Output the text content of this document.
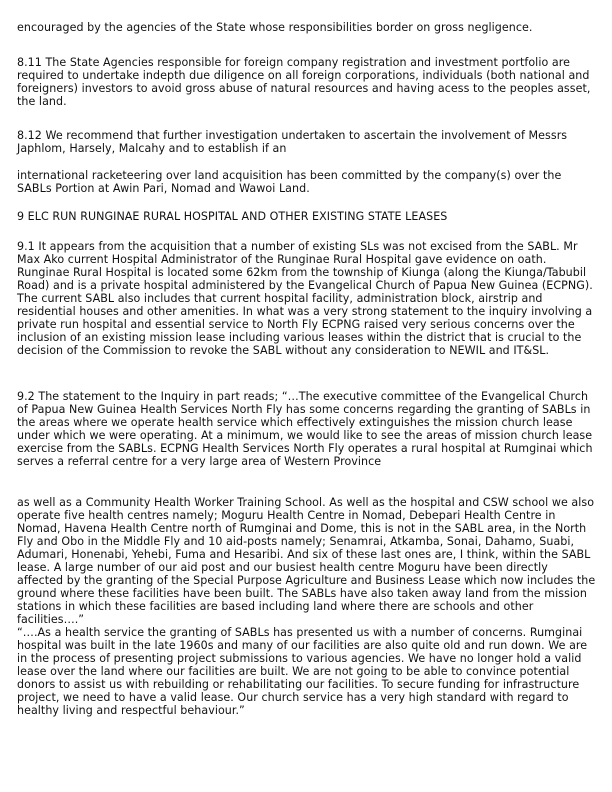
encouraged by the agencies of the State whose responsibilities border on gross negligence.

8.11 The State Agencies responsible for foreign company registration and investment portfolio are required to undertake indepth due diligence on all foreign corporations, individuals (both national and foreigners) investors to avoid gross abuse of natural resources and having acess to the peoples asset, the land.

8.12 We recommend that further investigation undertaken to ascertain the involvement of Messrs Japhlom, Harsely, Malcahy and to establish if an

international racketeering over land acquisition has been committed by the company(s) over the SABLs Portion at Awin Pari, Nomad and Wawoi Land.

9 ELC RUN RUNGINAE RURAL HOSPITAL AND OTHER EXISTING STATE LEASES

9.1 It appears from the acquisition that a number of existing SLs was not excised from the SABL. Mr Max Ako current Hospital Administrator of the Runginae Rural Hospital gave evidence on oath. Runginae Rural Hospital is located some 62km from the township of Kiunga (along the Kiunga/Tabubil Road) and is a private hospital administered by the Evangelical Church of Papua New Guinea (ECPNG). The current SABL also includes that current hospital facility, administration block, airstrip and residential houses and other amenities. In what was a very strong statement to the inquiry involving a private run hospital and essential service to North Fly ECPNG raised very serious concerns over the inclusion of an existing mission lease including various leases within the district that is crucial to the decision of the Commission to revoke the SABL without any consideration to NEWIL and IT&SL.

9.2 The statement to the Inquiry in part reads; “…The executive committee of the Evangelical Church of Papua New Guinea Health Services North Fly has some concerns regarding the granting of SABLs in the areas where we operate health service which effectively extinguishes the mission church lease under which we were operating. At a minimum, we would like to see the areas of mission church lease exercise from the SABLs. ECPNG Health Services North Fly operates a rural hospital at Rumginai which serves a referral centre for a very large area of Western Province

as well as a Community Health Worker Training School. As well as the hospital and CSW school we also operate five health centres namely; Moguru Health Centre in Nomad, Debepari Health Centre in Nomad, Havena Health Centre north of Rumginai and Dome, this is not in the SABL area, in the North Fly and Obo in the Middle Fly and 10 aid-posts namely; Senamrai, Atkamba, Sonai, Dahamo, Suabi, Adumari, Honenabi, Yehebi, Fuma and Hesaribi. And six of these last ones are, I think, within the SABL lease. A large number of our aid post and our busiest health centre Moguru have been directly affected by the granting of the Special Purpose Agriculture and Business Lease which now includes the ground where these facilities have been built. The SABLs have also taken away land from the mission stations in which these facilities are based including land where there are schools and other facilities….”

“….As a health service the granting of SABLs has presented us with a number of concerns. Rumginai hospital was built in the late 1960s and many of our facilities are also quite old and run down. We are in the process of presenting project submissions to various agencies. We have no longer hold a valid lease over the land where our facilities are built. We are not going to be able to convince potential donors to assist us with rebuilding or rehabilitating our facilities. To secure funding for infrastructure project, we need to have a valid lease. Our church service has a very high standard with regard to healthy living and respectful behaviour.”
